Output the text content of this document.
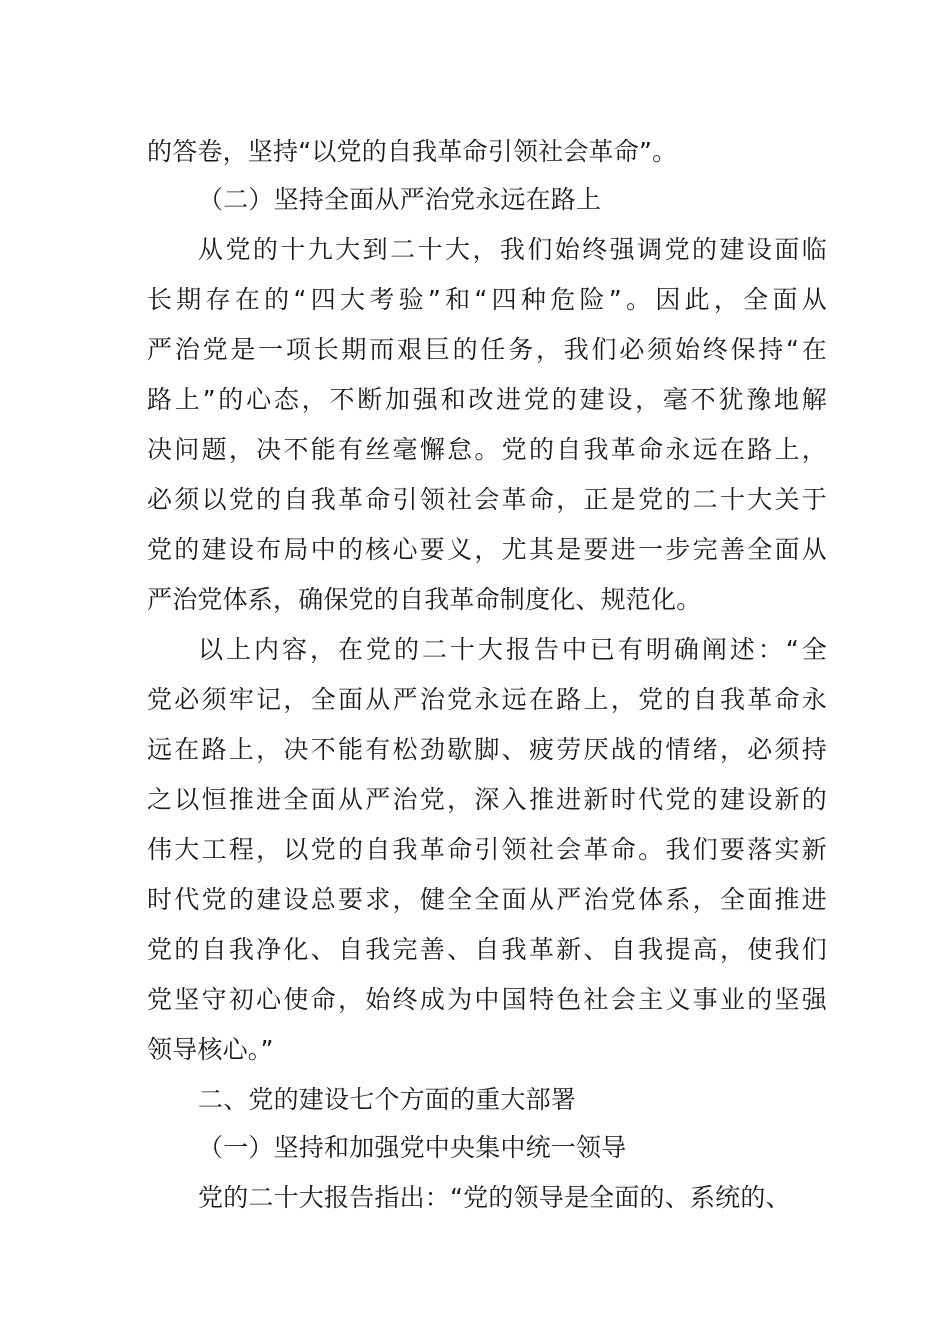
的答卷，坚持“以党的自我革命引领社会革命”。
（二）坚持全面从严治党永远在路上
从党的十九大到二十大，我们始终强调党的建设面临
长期存在的“四大考验”和“四种危险”。因此，全面从
严治党是一项长期而艰巨的任务，我们必须始终保持“在
路上”的心态，不断加强和改进党的建设，毫不犹豫地解
决问题，决不能有丝毫懈怠。党的自我革命永远在路上，
必须以党的自我革命引领社会革命，正是党的二十大关于
党的建设布局中的核心要义，尤其是要进一步完善全面从
严治党体系，确保党的自我革命制度化、规范化。
以上内容，在党的二十大报告中已有明确阐述：“全
党必须牢记，全面从严治党永远在路上，党的自我革命永
远在路上，决不能有松劲歇脚、疲劳厌战的情绪，必须持
之以恒推进全面从严治党，深入推进新时代党的建设新的
伟大工程，以党的自我革命引领社会革命。我们要落实新
时代党的建设总要求，健全全面从严治党体系，全面推进
党的自我净化、自我完善、自我革新、自我提高，使我们
党坚守初心使命，始终成为中国特色社会主义事业的坚强
领导核心。”
二、党的建设七个方面的重大部署
（一）坚持和加强党中央集中统一领导
党的二十大报告指出：“党的领导是全面的、系统的、
